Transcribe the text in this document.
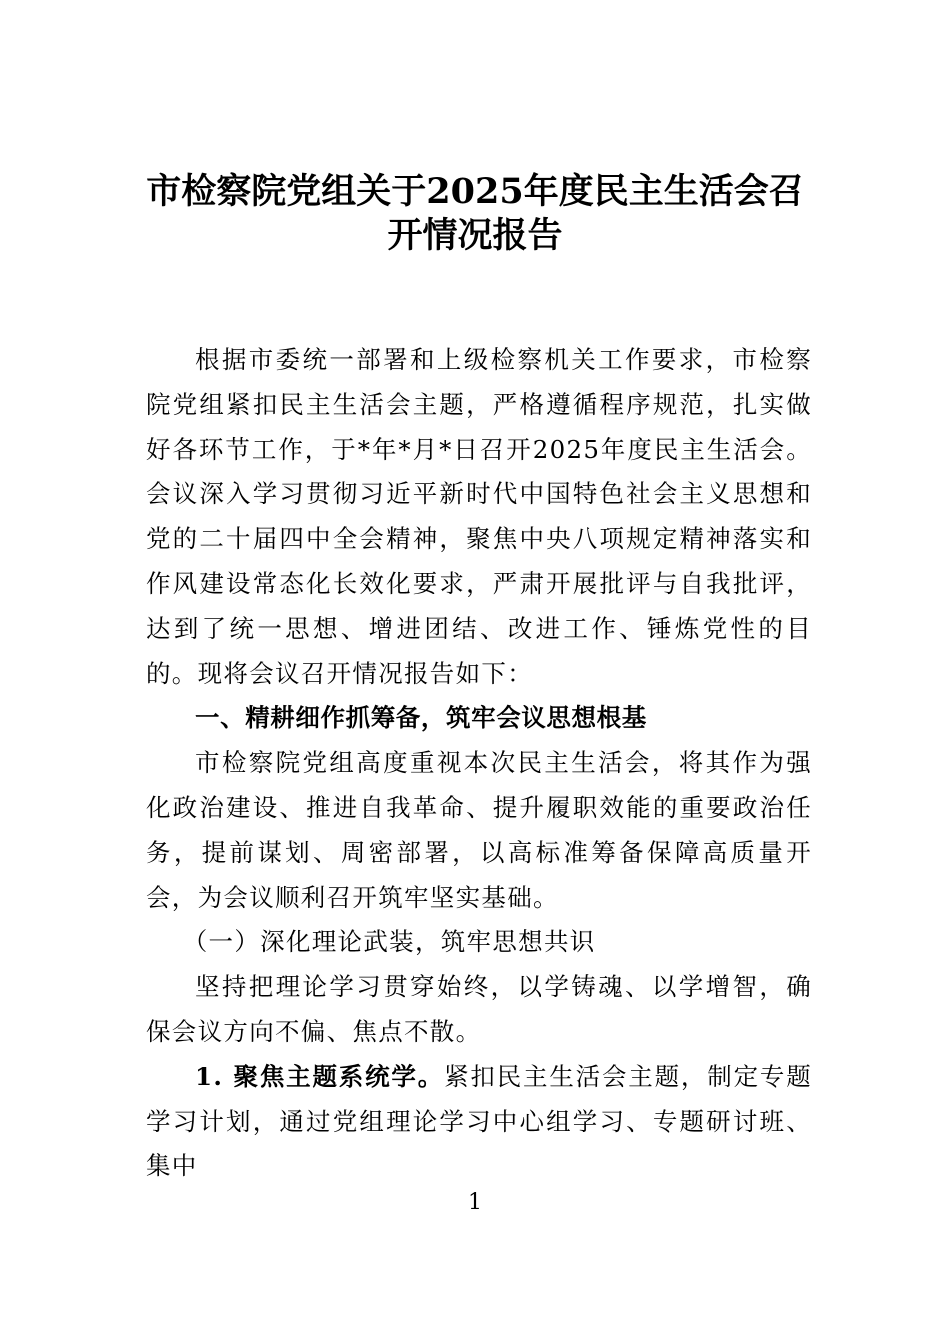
市检察院党组关于2025年度民主生活会召
开情况报告

根据市委统一部署和上级检察机关工作要求，市检察院党组紧扣民主生活会主题，严格遵循程序规范，扎实做好各环节工作，于*年*月*日召开2025年度民主生活会。会议深入学习贯彻习近平新时代中国特色社会主义思想和党的二十届四中全会精神，聚焦中央八项规定精神落实和作风建设常态化长效化要求，严肃开展批评与自我批评，达到了统一思想、增进团结、改进工作、锤炼党性的目的。现将会议召开情况报告如下：

一、精耕细作抓筹备，筑牢会议思想根基

市检察院党组高度重视本次民主生活会，将其作为强化政治建设、推进自我革命、提升履职效能的重要政治任务，提前谋划、周密部署，以高标准筹备保障高质量开会，为会议顺利召开筑牢坚实基础。

（一）深化理论武装，筑牢思想共识

坚持把理论学习贯穿始终，以学铸魂、以学增智，确保会议方向不偏、焦点不散。

1. 聚焦主题系统学。紧扣民主生活会主题，制定专题学习计划，通过党组理论学习中心组学习、专题研讨班、集中

1
